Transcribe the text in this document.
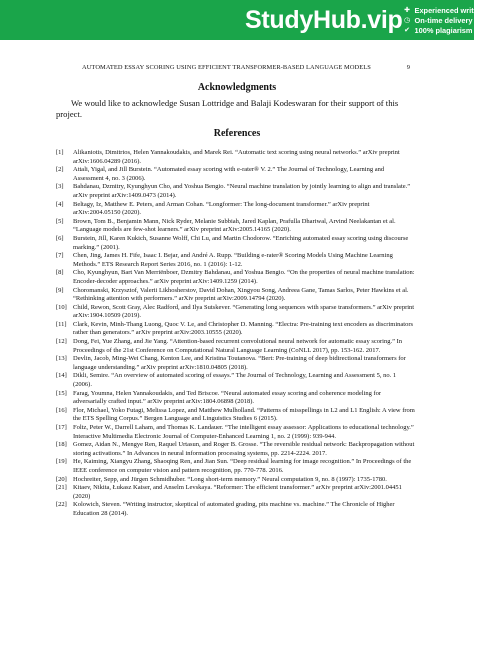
StudyHub.vip ✚ Experienced writers
◷ On-time delivery
✔ 100% plagiarism free
AUTOMATED ESSAY SCORING USING EFFICIENT TRANSFORMER-BASED LANGUAGE MODELS	9
Acknowledgments
We would like to acknowledge Susan Lottridge and Balaji Kodeswaran for their support of this project.
References
[1] Alikaniotis, Dimitrios, Helen Yannakoudakis, and Marek Rei. “Automatic text scoring using neural networks.” arXiv preprint arXiv:1606.04289 (2016).
[2] Attali, Yigal, and Jill Burstein. “Automated essay scoring with e-rater® V. 2.” The Journal of Technology, Learning and Assessment 4, no. 3 (2006).
[3] Bahdanau, Dzmitry, Kyunghyun Cho, and Yoshua Bengio. “Neural machine translation by jointly learning to align and translate.” arXiv preprint arXiv:1409.0473 (2014).
[4] Beltagy, Iz, Matthew E. Peters, and Arman Cohan. “Longformer: The long-document transformer.” arXiv preprint arXiv:2004.05150 (2020).
[5] Brown, Tom B., Benjamin Mann, Nick Ryder, Melanie Subbiah, Jared Kaplan, Prafulla Dhariwal, Arvind Neelakantan et al. “Language models are few-shot learners.” arXiv preprint arXiv:2005.14165 (2020).
[6] Burstein, Jill, Karen Kukich, Susanne Wolff, Chi Lu, and Martin Chodorow. “Enriching automated essay scoring using discourse marking.” (2001).
[7] Chen, Jing, James H. Fife, Isaac I. Bejar, and André A. Rupp. “Building e-rater® Scoring Models Using Machine Learning Methods.” ETS Research Report Series 2016, no. 1 (2016): 1-12.
[8] Cho, Kyunghyun, Bart Van Merriënboer, Dzmitry Bahdanau, and Yoshua Bengio. “On the properties of neural machine translation: Encoder-decoder approaches.” arXiv preprint arXiv:1409.1259 (2014).
[9] Choromanski, Krzysztof, Valerii Likhosherstov, David Dohan, Xingyou Song, Andreea Gane, Tamas Sarlos, Peter Hawkins et al. “Rethinking attention with performers.” arXiv preprint arXiv:2009.14794 (2020).
[10] Child, Rewon, Scott Gray, Alec Radford, and Ilya Sutskever. “Generating long sequences with sparse transformers.” arXiv preprint arXiv:1904.10509 (2019).
[11] Clark, Kevin, Minh-Thang Luong, Quoc V. Le, and Christopher D. Manning. “Electra: Pre-training text encoders as discriminators rather than generators.” arXiv preprint arXiv:2003.10555 (2020).
[12] Dong, Fei, Yue Zhang, and Jie Yang. “Attention-based recurrent convolutional neural network for automatic essay scoring.” In Proceedings of the 21st Conference on Computational Natural Language Learning (CoNLL 2017), pp. 153-162. 2017.
[13] Devlin, Jacob, Ming-Wei Chang, Kenton Lee, and Kristina Toutanova. “Bert: Pre-training of deep bidirectional transformers for language understanding.” arXiv preprint arXiv:1810.04805 (2018).
[14] Dikli, Semire. “An overview of automated scoring of essays.” The Journal of Technology, Learning and Assessment 5, no. 1 (2006).
[15] Farag, Youmna, Helen Yannakoudakis, and Ted Briscoe. “Neural automated essay scoring and coherence modeling for adversarially crafted input.” arXiv preprint arXiv:1804.06898 (2018).
[16] Flor, Michael, Yoko Futagi, Melissa Lopez, and Matthew Mulholland. “Patterns of misspellings in L2 and L1 English: A view from the ETS Spelling Corpus.” Bergen Language and Linguistics Studies 6 (2015).
[17] Foltz, Peter W., Darrell Laham, and Thomas K. Landauer. “The intelligent essay assessor: Applications to educational technology.” Interactive Multimedia Electronic Journal of Computer-Enhanced Learning 1, no. 2 (1999): 939-944.
[18] Gomez, Aidan N., Mengye Ren, Raquel Urtasun, and Roger B. Grosse. “The reversible residual network: Backpropagation without storing activations.” In Advances in neural information processing systems, pp. 2214-2224. 2017.
[19] He, Kaiming, Xiangyu Zhang, Shaoqing Ren, and Jian Sun. “Deep residual learning for image recognition.” In Proceedings of the IEEE conference on computer vision and pattern recognition, pp. 770-778. 2016.
[20] Hochreiter, Sepp, and Jürgen Schmidhuber. “Long short-term memory.” Neural computation 9, no. 8 (1997): 1735-1780.
[21] Kitaev, Nikita, Łukasz Kaiser, and Anselm Levskaya. “Reformer: The efficient transformer.” arXiv preprint arXiv:2001.04451 (2020)
[22] Kolowich, Steven. “Writing instructor, skeptical of automated grading, pits machine vs. machine.” The Chronicle of Higher Education 28 (2014).
